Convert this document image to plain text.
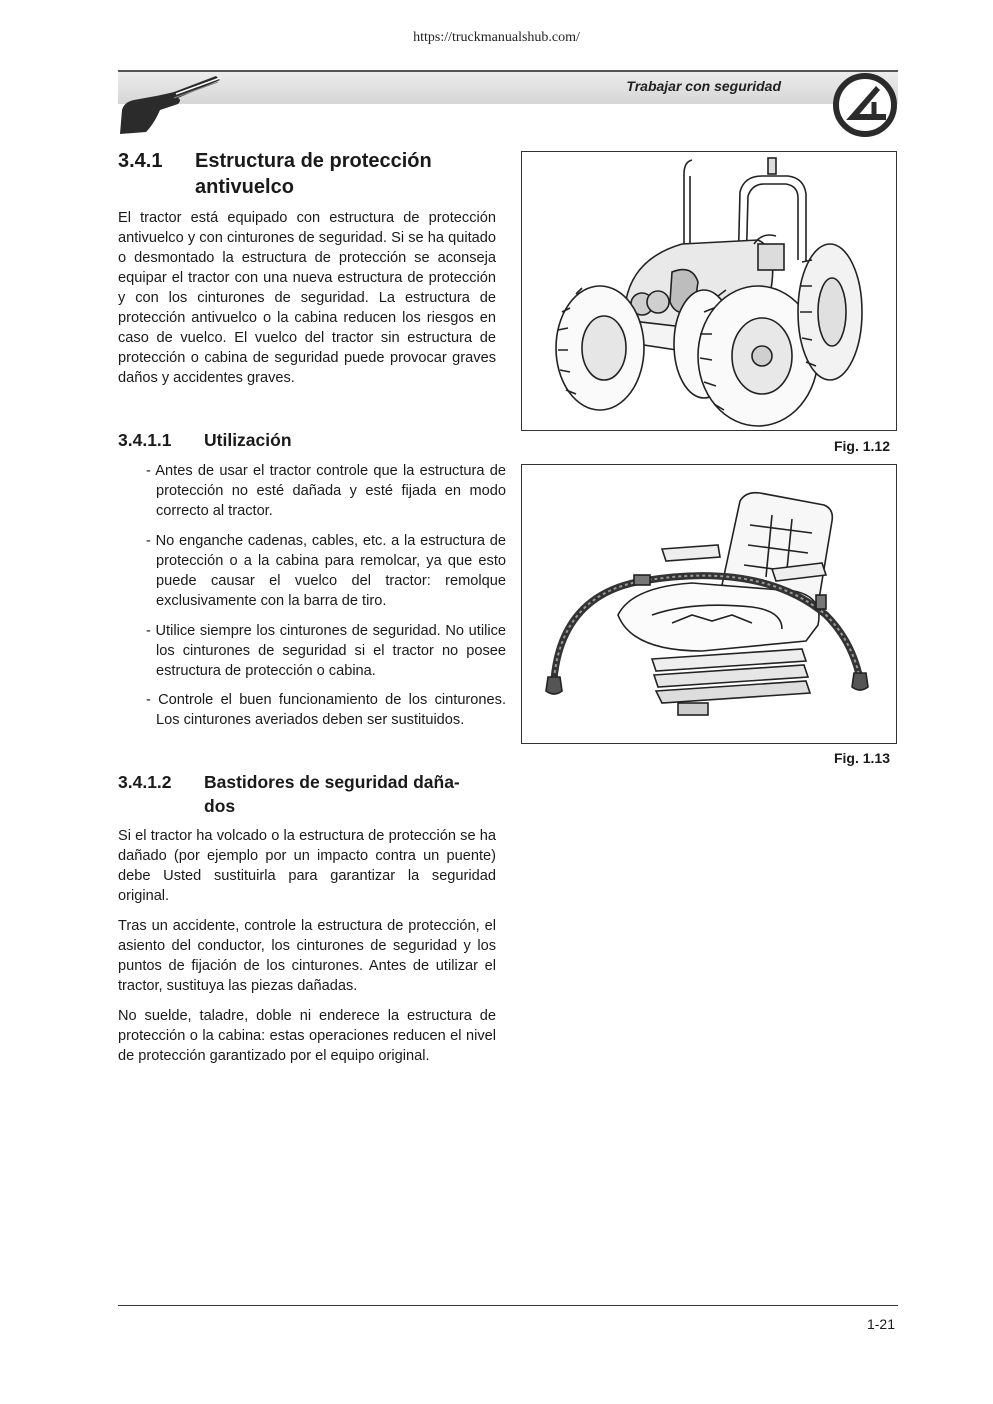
https://truckmanualshub.com/
Trabajar con seguridad
3.4.1 Estructura de protección
antivuelco
El tractor está equipado con estructura de protección antivuelco y con cinturones de seguridad. Si se ha quitado o desmontado la estructura de protección se aconseja equipar el tractor con una nueva estructura de protección y con los cinturones de seguridad. La estructura de protección antivuelco o la cabina reducen los riesgos en caso de vuelco. El vuelco del tractor sin estructura de protección o cabina de seguridad puede provocar graves daños y accidentes graves.
3.4.1.1 Utilización
- Antes de usar el tractor controle que la estructura de protección no esté dañada y esté fijada en modo correcto al tractor.
- No enganche cadenas, cables, etc. a la estructura de protección o a la cabina para remolcar, ya que esto puede causar el vuelco del tractor: remolque exclusivamente con la barra de tiro.
- Utilice siempre los cinturones de seguridad. No utilice los cinturones de seguridad si el tractor no posee estructura de protección o cabina.
- Controle el buen funcionamiento de los cinturones. Los cinturones averiados deben ser sustituidos.
3.4.1.2 Bastidores de seguridad daña-
dos
Si el tractor ha volcado o la estructura de protección se ha dañado (por ejemplo por un impacto contra un puente) debe Usted sustituirla para garantizar la seguridad original.
Tras un accidente, controle la estructura de protección, el asiento del conductor, los cinturones de seguridad y los puntos de fijación de los cinturones. Antes de utilizar el tractor, sustituya las piezas dañadas.
No suelde, taladre, doble ni enderece la estructura de protección o la cabina: estas operaciones reducen el nivel de protección garantizado por el equipo original.
Fig. 1.12
Fig. 1.13
1-21
